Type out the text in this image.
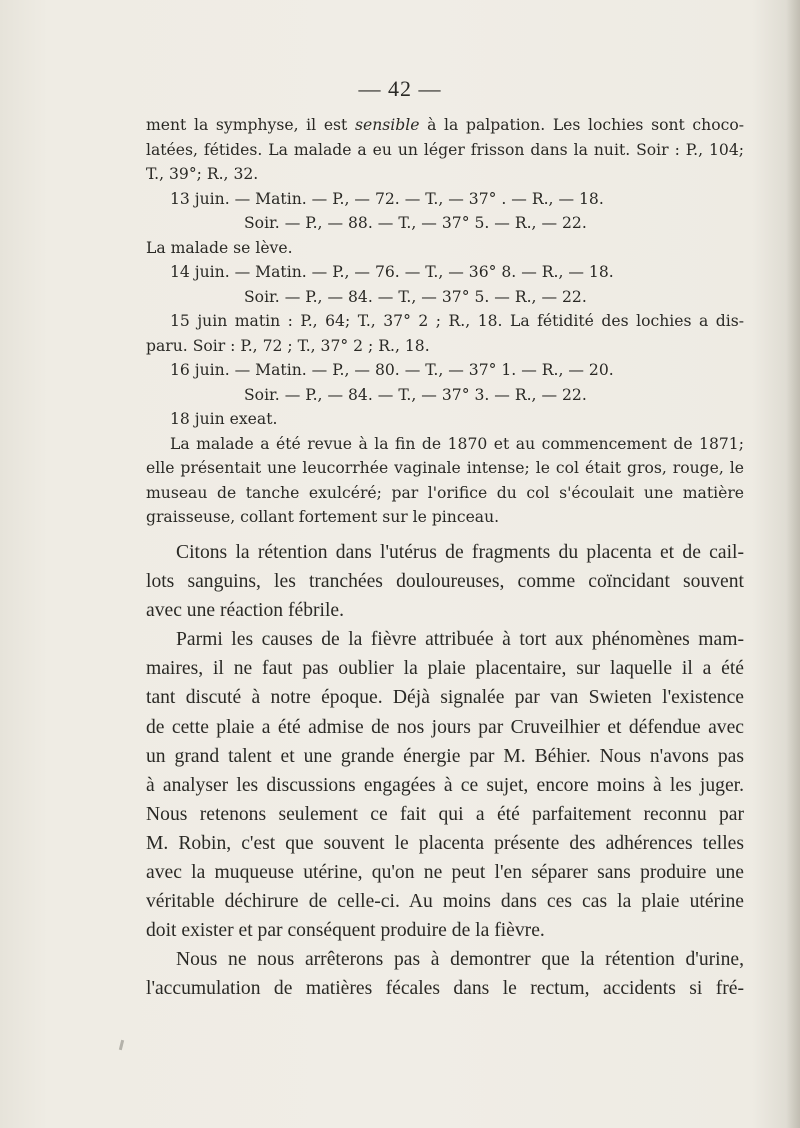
— 42 —

ment la symphyse, il est sensible à la palpation. Les lochies sont choco-

latées, fétides. La malade a eu un léger frisson dans la nuit. Soir : P., 104;

T., 39°; R., 32.

13 juin. — Matin. — P., — 72. — T., — 37° . — R., — 18.

Soir. — P., — 88. — T., — 37° 5. — R., — 22.

La malade se lève.

14 juin. — Matin. — P., — 76. — T., — 36° 8. — R., — 18.

Soir. — P., — 84. — T., — 37° 5. — R., — 22.

15 juin matin : P., 64; T., 37° 2 ; R., 18. La fétidité des lochies a dis-

paru. Soir : P., 72 ; T., 37° 2 ; R., 18.

16 juin. — Matin. — P., — 80. — T., — 37° 1. — R., — 20.

Soir. — P., — 84. — T., — 37° 3. — R., — 22.

18 juin exeat.

La malade a été revue à la fin de 1870 et au commencement de 1871;

elle présentait une leucorrhée vaginale intense; le col était gros, rouge, le

museau de tanche exulcéré; par l'orifice du col s'écoulait une matière

graisseuse, collant fortement sur le pinceau.

Citons la rétention dans l'utérus de fragments du placenta et de cail-
lots sanguins, les tranchées douloureuses, comme coïncidant souvent
avec une réaction fébrile.

Parmi les causes de la fièvre attribuée à tort aux phénomènes mam-
maires, il ne faut pas oublier la plaie placentaire, sur laquelle il a été
tant discuté à notre époque. Déjà signalée par van Swieten l'existence
de cette plaie a été admise de nos jours par Cruveilhier et défendue avec
un grand talent et une grande énergie par M. Béhier. Nous n'avons pas
à analyser les discussions engagées à ce sujet, encore moins à les juger.
Nous retenons seulement ce fait qui a été parfaitement reconnu par
M. Robin, c'est que souvent le placenta présente des adhérences telles
avec la muqueuse utérine, qu'on ne peut l'en séparer sans produire une
véritable déchirure de celle-ci. Au moins dans ces cas la plaie utérine
doit exister et par conséquent produire de la fièvre.

Nous ne nous arrêterons pas à demontrer que la rétention d'urine,
l'accumulation de matières fécales dans le rectum, accidents si fré-
